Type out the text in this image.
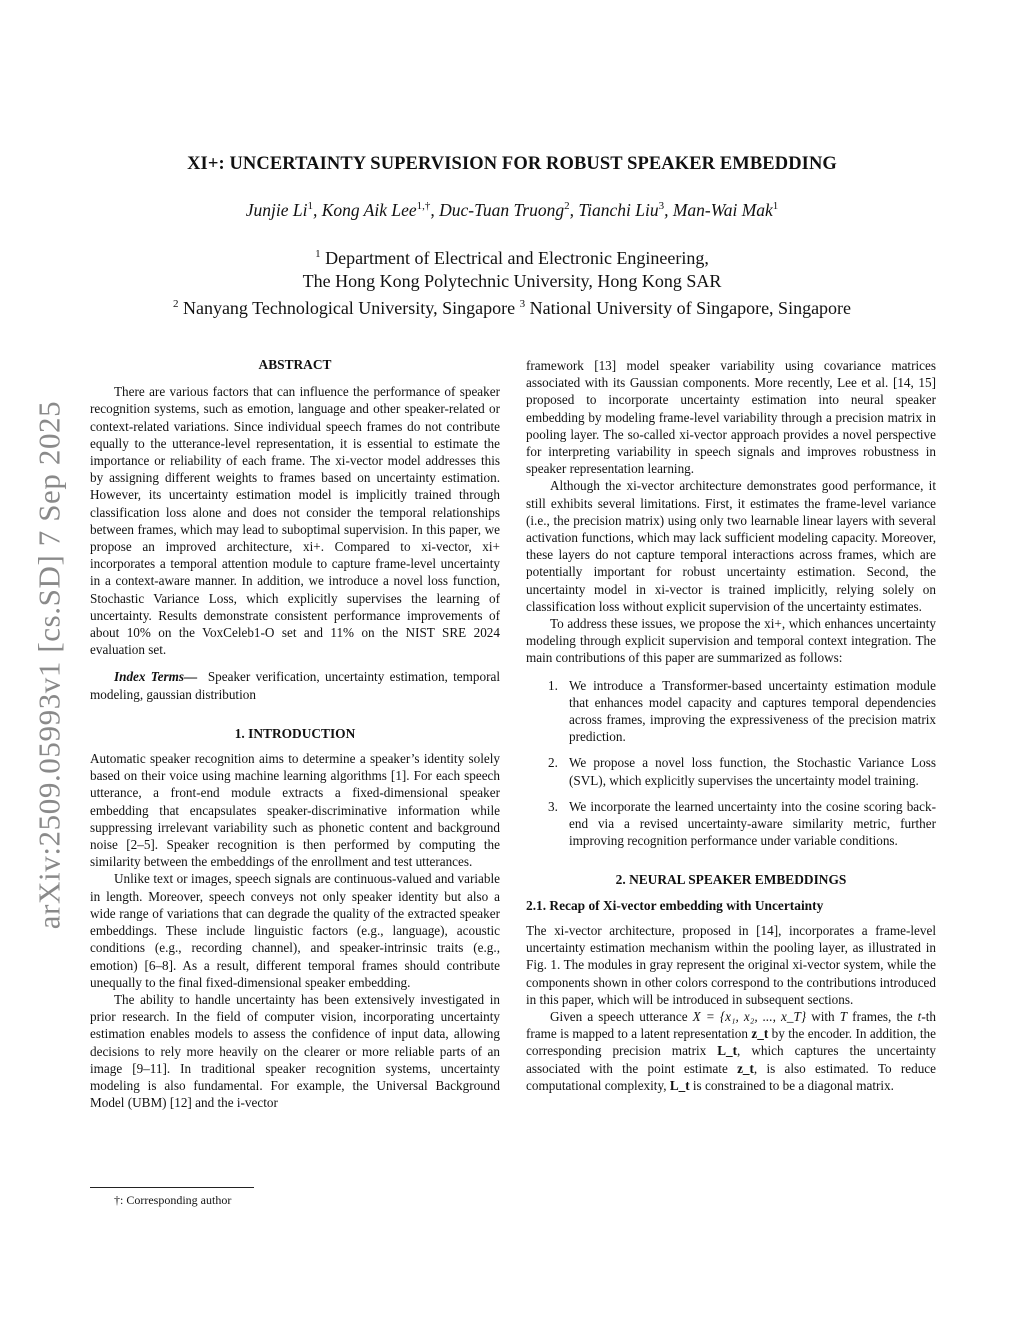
arXiv:2509.05993v1 [cs.SD] 7 Sep 2025
XI+: UNCERTAINTY SUPERVISION FOR ROBUST SPEAKER EMBEDDING
Junjie Li$^1$, Kong Aik Lee$^{1,\dagger}$, Duc-Tuan Truong$^2$, Tianchi Liu$^3$, Man-Wai Mak$^1$
$^1$ Department of Electrical and Electronic Engineering,
The Hong Kong Polytechnic University, Hong Kong SAR
$^2$ Nanyang Technological University, Singapore $^3$ National University of Singapore, Singapore
ABSTRACT

There are various factors that can influence the performance of speaker recognition systems, such as emotion, language and other speaker-related or context-related variations. Since individual speech frames do not contribute equally to the utterance-level representation, it is essential to estimate the importance or reliability of each frame. The xi-vector model addresses this by assigning different weights to frames based on uncertainty estimation. However, its uncertainty estimation model is implicitly trained through classification loss alone and does not consider the temporal relationships between frames, which may lead to suboptimal supervision. In this paper, we propose an improved architecture, xi+. Compared to xi-vector, xi+ incorporates a temporal attention module to capture frame-level uncertainty in a context-aware manner. In addition, we introduce a novel loss function, Stochastic Variance Loss, which explicitly supervises the learning of uncertainty. Results demonstrate consistent performance improvements of about 10% on the VoxCeleb1-O set and 11% on the NIST SRE 2024 evaluation set.

Index Terms— Speaker verification, uncertainty estimation, temporal modeling, gaussian distribution

1. INTRODUCTION

Automatic speaker recognition aims to determine a speaker’s identity solely based on their voice using machine learning algorithms [1]. For each speech utterance, a front-end module extracts a fixed-dimensional speaker embedding that encapsulates speaker-discriminative information while suppressing irrelevant variability such as phonetic content and background noise [2–5]. Speaker recognition is then performed by computing the similarity between the embeddings of the enrollment and test utterances.

Unlike text or images, speech signals are continuous-valued and variable in length. Moreover, speech conveys not only speaker identity but also a wide range of variations that can degrade the quality of the extracted speaker embeddings. These include linguistic factors (e.g., language), acoustic conditions (e.g., recording channel), and speaker-intrinsic traits (e.g., emotion) [6–8]. As a result, different temporal frames should contribute unequally to the final fixed-dimensional speaker embedding.

The ability to handle uncertainty has been extensively investigated in prior research. In the field of computer vision, incorporating uncertainty estimation enables models to assess the confidence of input data, allowing decisions to rely more heavily on the clearer or more reliable parts of an image [9–11]. In traditional speaker recognition systems, uncertainty modeling is also fundamental. For example, the Universal Background Model (UBM) [12] and the i-vector

framework [13] model speaker variability using covariance matrices associated with its Gaussian components. More recently, Lee et al. [14, 15] proposed to incorporate uncertainty estimation into neural speaker embedding by modeling frame-level variability through a precision matrix in pooling layer. The so-called xi-vector approach provides a novel perspective for interpreting variability in speech signals and improves robustness in speaker representation learning.

Although the xi-vector architecture demonstrates good performance, it still exhibits several limitations. First, it estimates the frame-level variance (i.e., the precision matrix) using only two learnable linear layers with several activation functions, which may lack sufficient modeling capacity. Moreover, these layers do not capture temporal interactions across frames, which are potentially important for robust uncertainty estimation. Second, the uncertainty model in xi-vector is trained implicitly, relying solely on classification loss without explicit supervision of the uncertainty estimates.

To address these issues, we propose the xi+, which enhances uncertainty modeling through explicit supervision and temporal context integration. The main contributions of this paper are summarized as follows:

1. We introduce a Transformer-based uncertainty estimation module that enhances model capacity and captures temporal dependencies across frames, improving the expressiveness of the precision matrix prediction.
2. We propose a novel loss function, the Stochastic Variance Loss (SVL), which explicitly supervises the uncertainty model training.
3. We incorporate the learned uncertainty into the cosine scoring back-end via a revised uncertainty-aware similarity metric, further improving recognition performance under variable conditions.
2. NEURAL SPEAKER EMBEDDINGS
2.1. Recap of Xi-vector embedding with Uncertainty

The xi-vector architecture, proposed in [14], incorporates a frame-level uncertainty estimation mechanism within the pooling layer, as illustrated in Fig. 1. The modules in gray represent the original xi-vector system, while the components shown in other colors correspond to the contributions introduced in this paper, which will be introduced in subsequent sections.

Given a speech utterance X = {x₁, x₂, ..., x_T} with T frames, the t-th frame is mapped to a latent representation z_t by the encoder. In addition, the corresponding precision matrix L_t, which captures the uncertainty associated with the point estimate z_t, is also estimated. To reduce computational complexity, L_t is constrained to be a diagonal matrix.

†: Corresponding author
